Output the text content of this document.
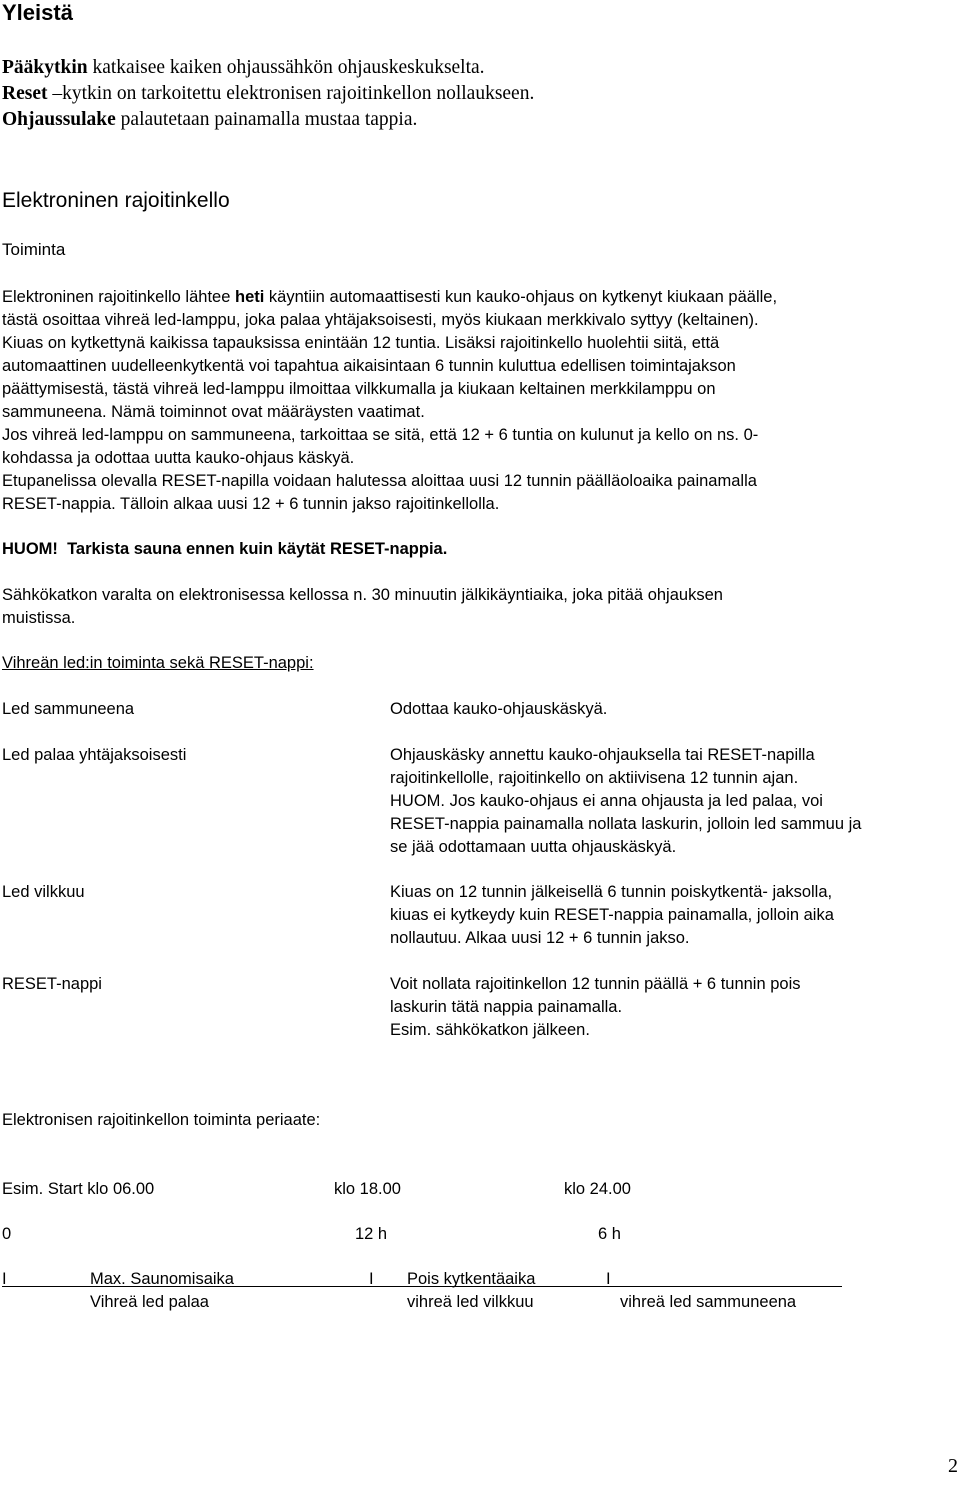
Yleistä
Pääkytkin katkaisee kaiken ohjaussähkön ohjauskeskukselta.
Reset –kytkin on tarkoitettu elektronisen rajoitinkellon nollaukseen.
Ohjaussulake palautetaan painamalla mustaa tappia.
Elektroninen rajoitinkello
Toiminta
Elektroninen rajoitinkello lähtee heti käyntiin automaattisesti kun kauko-ohjaus on kytkenyt kiukaan päälle,
tästä osoittaa vihreä led-lamppu, joka palaa yhtäjaksoisesti, myös kiukaan merkkivalo syttyy (keltainen).
Kiuas on kytkettynä kaikissa tapauksissa enintään 12 tuntia. Lisäksi rajoitinkello huolehtii siitä, että
automaattinen uudelleenkytkentä voi tapahtua aikaisintaan 6 tunnin kuluttua edellisen toimintajakson
päättymisestä, tästä vihreä led-lamppu ilmoittaa vilkkumalla ja kiukaan keltainen merkkilamppu on
sammuneena. Nämä toiminnot ovat määräysten vaatimat.
Jos vihreä led-lamppu on sammuneena, tarkoittaa se sitä, että 12 + 6 tuntia on kulunut ja kello on ns. 0-
kohdassa ja odottaa uutta kauko-ohjaus käskyä.
Etupanelissa olevalla RESET-napilla voidaan halutessa aloittaa uusi 12 tunnin päälläoloaika painamalla
RESET-nappia. Tälloin alkaa uusi 12 + 6 tunnin jakso rajoitinkellolla.
HUOM!  Tarkista sauna ennen kuin käytät RESET-nappia.
Sähkökatkon varalta on elektronisessa kellossa n. 30 minuutin jälkikäyntiaika, joka pitää ohjauksen
muistissa.
Vihreän led:in toiminta sekä RESET-nappi:
Led sammuneena	Odottaa kauko-ohjauskäskyä.
Led palaa yhtäjaksoisesti	Ohjauskäsky annettu kauko-ohjauksella tai RESET-napilla
rajoitinkellolle, rajoitinkello on aktiivisena 12 tunnin ajan.
HUOM. Jos kauko-ohjaus ei anna ohjausta ja led palaa, voi
RESET-nappia painamalla nollata laskurin, jolloin led sammuu ja
se jää odottamaan uutta ohjauskäskyä.
Led vilkkuu	Kiuas on 12 tunnin jälkeisellä 6 tunnin poiskytkentä- jaksolla,
kiuas ei kytkeydy kuin RESET-nappia painamalla, jolloin aika
nollautuu. Alkaa uusi 12 + 6 tunnin jakso.
RESET-nappi	Voit nollata rajoitinkellon 12 tunnin päällä + 6 tunnin pois
laskurin tätä nappia painamalla.
Esim. sähkökatkon jälkeen.
Elektronisen rajoitinkellon toiminta periaate:
Esim. Start klo 06.00	klo 18.00	klo 24.00
0	12 h	6 h
I	Max. Saunomisaika	I Pois kytkentäaika	I
Vihreä led palaa	vihreä led vilkkuu	vihreä led sammuneena
2
